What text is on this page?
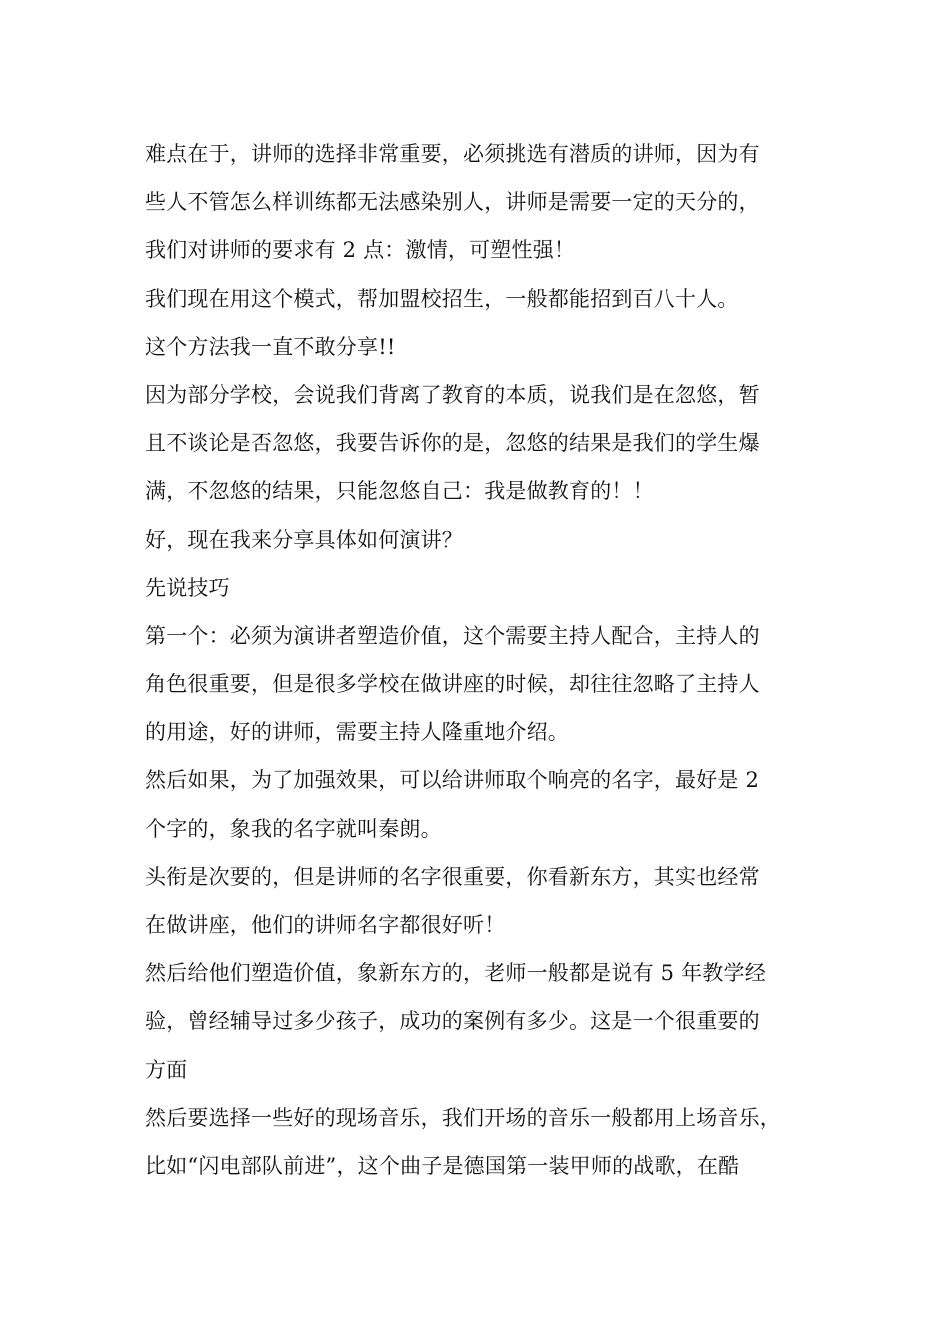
难点在于，讲师的选择非常重要，必须挑选有潜质的讲师，因为有
些人不管怎么样训练都无法感染别人，讲师是需要一定的天分的，
我们对讲师的要求有 2 点：激情，可塑性强！
我们现在用这个模式，帮加盟校招生，一般都能招到百八十人。
这个方法我一直不敢分享!!
因为部分学校，会说我们背离了教育的本质，说我们是在忽悠，暂
且不谈论是否忽悠，我要告诉你的是，忽悠的结果是我们的学生爆
满，不忽悠的结果，只能忽悠自己：我是做教育的！！
好，现在我来分享具体如何演讲？
先说技巧
第一个：必须为演讲者塑造价值，这个需要主持人配合，主持人的
角色很重要，但是很多学校在做讲座的时候，却往往忽略了主持人
的用途，好的讲师，需要主持人隆重地介绍。
然后如果，为了加强效果，可以给讲师取个响亮的名字，最好是 2
个字的，象我的名字就叫秦朗。
头衔是次要的，但是讲师的名字很重要，你看新东方，其实也经常
在做讲座，他们的讲师名字都很好听！
然后给他们塑造价值，象新东方的，老师一般都是说有 5 年教学经
验，曾经辅导过多少孩子，成功的案例有多少。这是一个很重要的
方面
然后要选择一些好的现场音乐，我们开场的音乐一般都用上场音乐，
比如“闪电部队前进”，这个曲子是德国第一装甲师的战歌，在酷
